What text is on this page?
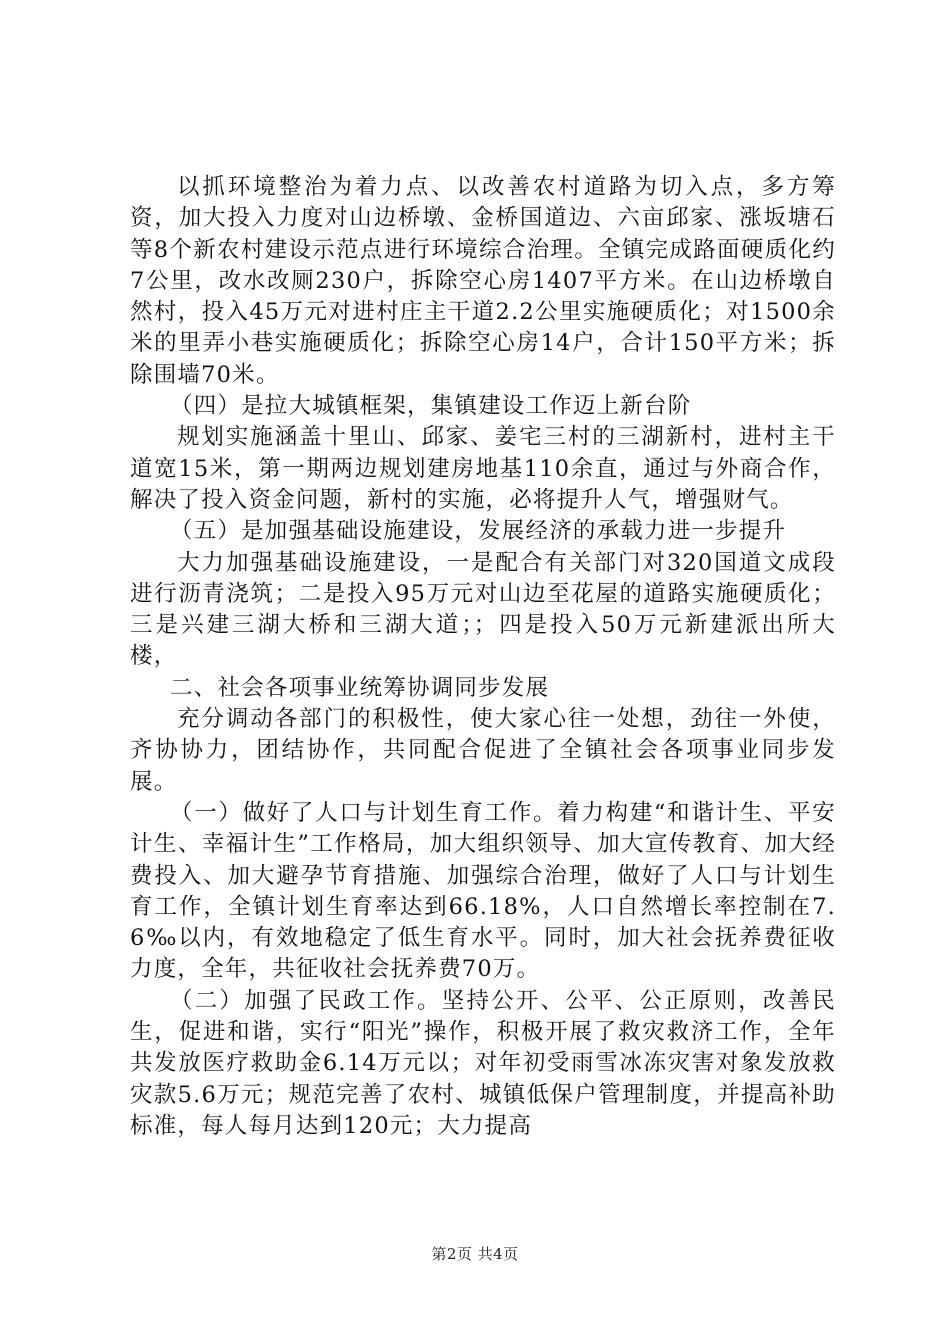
以抓环境整治为着力点、以改善农村道路为切入点，多方筹资，加大投入力度对山边桥墩、金桥国道边、六亩邱家、涨坂塘石等8个新农村建设示范点进行环境综合治理。全镇完成路面硬质化约7公里，改水改厕230户，拆除空心房1407平方米。在山边桥墩自然村，投入45万元对进村庄主干道2.2公里实施硬质化；对1500余米的里弄小巷实施硬质化；拆除空心房14户，合计150平方米；拆除围墙70米。

（四）是拉大城镇框架，集镇建设工作迈上新台阶

规划实施涵盖十里山、邱家、姜宅三村的三湖新村，进村主干道宽15米，第一期两边规划建房地基110余直，通过与外商合作，解决了投入资金问题，新村的实施，必将提升人气，增强财气。

（五）是加强基础设施建设，发展经济的承载力进一步提升

大力加强基础设施建设，一是配合有关部门对320国道文成段进行沥青浇筑；二是投入95万元对山边至花屋的道路实施硬质化；三是兴建三湖大桥和三湖大道；；四是投入50万元新建派出所大楼，

二、社会各项事业统筹协调同步发展

充分调动各部门的积极性，使大家心往一处想，劲往一外使，齐协协力，团结协作，共同配合促进了全镇社会各项事业同步发展。

（一）做好了人口与计划生育工作。着力构建“和谐计生、平安计生、幸福计生”工作格局，加大组织领导、加大宣传教育、加大经费投入、加大避孕节育措施、加强综合治理，做好了人口与计划生育工作，全镇计划生育率达到66.18%，人口自然增长率控制在7.6‰以内，有效地稳定了低生育水平。同时，加大社会抚养费征收力度，全年，共征收社会抚养费70万。

（二）加强了民政工作。坚持公开、公平、公正原则，改善民生，促进和谐，实行“阳光”操作，积极开展了救灾救济工作，全年共发放医疗救助金6.14万元以；对年初受雨雪冰冻灾害对象发放救灾款5.6万元；规范完善了农村、城镇低保户管理制度，并提高补助标准，每人每月达到120元；大力提高

第2页 共4页
